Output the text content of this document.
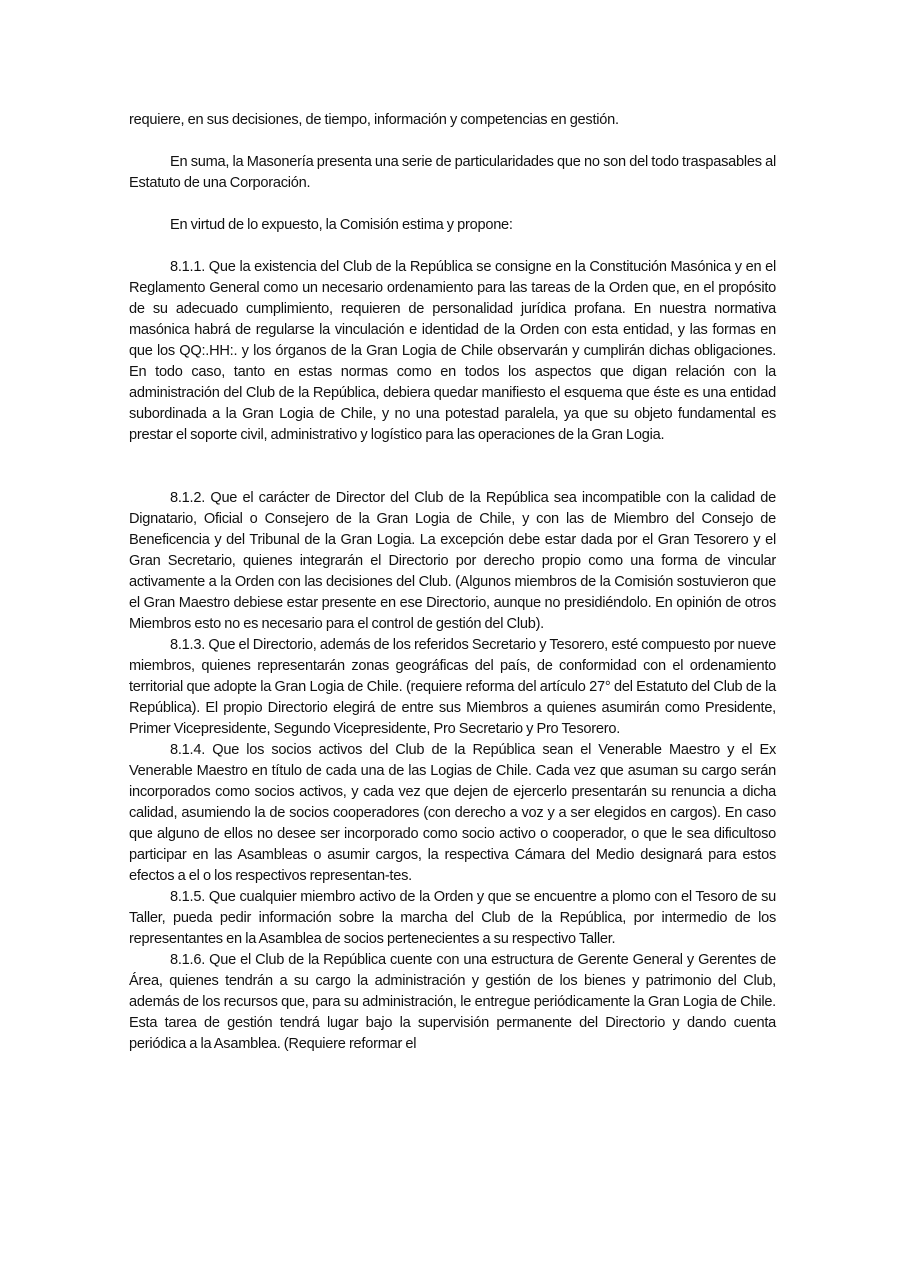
requiere, en sus decisiones, de tiempo, información y competencias en gestión.

En suma, la Masonería presenta una serie de particularidades que no son del todo traspasables al Estatuto de una Corporación.

En virtud de lo expuesto, la Comisión estima y propone:

8.1.1. Que la existencia del Club de la República se consigne en la Constitución Masónica y en el Reglamento General como un necesario ordenamiento para las tareas de la Orden que, en el propósito de su adecuado cumplimiento, requieren de personalidad jurídica profana. En nuestra normativa masónica habrá de regularse la vinculación e identidad de la Orden con esta entidad, y las formas en que los QQ:.HH:. y los órganos de la Gran Logia de Chile observarán y cumplirán dichas obligaciones. En todo caso, tanto en estas normas como en todos los aspectos que digan relación con la administración del Club de la República, debiera quedar manifiesto el esquema que éste es una entidad subordinada a la Gran Logia de Chile, y no una potestad paralela, ya que su objeto fundamental es prestar el soporte civil, administrativo y logístico para las operaciones de la Gran Logia.

8.1.2. Que el carácter de Director del Club de la República sea incompatible con la calidad de Dignatario, Oficial o Consejero de la Gran Logia de Chile, y con las de Miembro del Consejo de Beneficencia y del Tribunal de la Gran Logia. La excepción debe estar dada por el Gran Tesorero y el Gran Secretario, quienes integrarán el Directorio por derecho propio como una forma de vincular activamente a la Orden con las decisiones del Club. (Algunos miembros de la Comisión sostuvieron que el Gran Maestro debiese estar presente en ese Directorio, aunque no presidiéndolo. En opinión de otros Miembros esto no es necesario para el control de gestión del Club).

8.1.3. Que el Directorio, además de los referidos Secretario y Tesorero, esté compuesto por nueve miembros, quienes representarán zonas geográficas del país, de conformidad con el ordenamiento territorial que adopte la Gran Logia de Chile. (requiere reforma del artículo 27° del Estatuto del Club de la República). El propio Directorio elegirá de entre sus Miembros a quienes asumirán como Presidente, Primer Vicepresidente, Segundo Vicepresidente, Pro Secretario y Pro Tesorero.

8.1.4. Que los socios activos del Club de la República sean el Venerable Maestro y el Ex Venerable Maestro en título de cada una de las Logias de Chile. Cada vez que asuman su cargo serán incorporados como socios activos, y cada vez que dejen de ejercerlo presentarán su renuncia a dicha calidad, asumiendo la de socios cooperadores (con derecho a voz y a ser elegidos en cargos). En caso que alguno de ellos no desee ser incorporado como socio activo o cooperador, o que le sea dificultoso participar en las Asambleas o asumir cargos, la respectiva Cámara del Medio designará para estos efectos a el o los respectivos representan-tes.

8.1.5. Que cualquier miembro activo de la Orden y que se encuentre a plomo con el Tesoro de su Taller, pueda pedir información sobre la marcha del Club de la República, por intermedio de los representantes en la Asamblea de socios pertenecientes a su respectivo Taller.

8.1.6. Que el Club de la República cuente con una estructura de Gerente General y Gerentes de Área, quienes tendrán a su cargo la administración y gestión de los bienes y patrimonio del Club, además de los recursos que, para su administración, le entregue periódicamente la Gran Logia de Chile. Esta tarea de gestión tendrá lugar bajo la supervisión permanente del Directorio y dando cuenta periódica a la Asamblea. (Requiere reformar el
